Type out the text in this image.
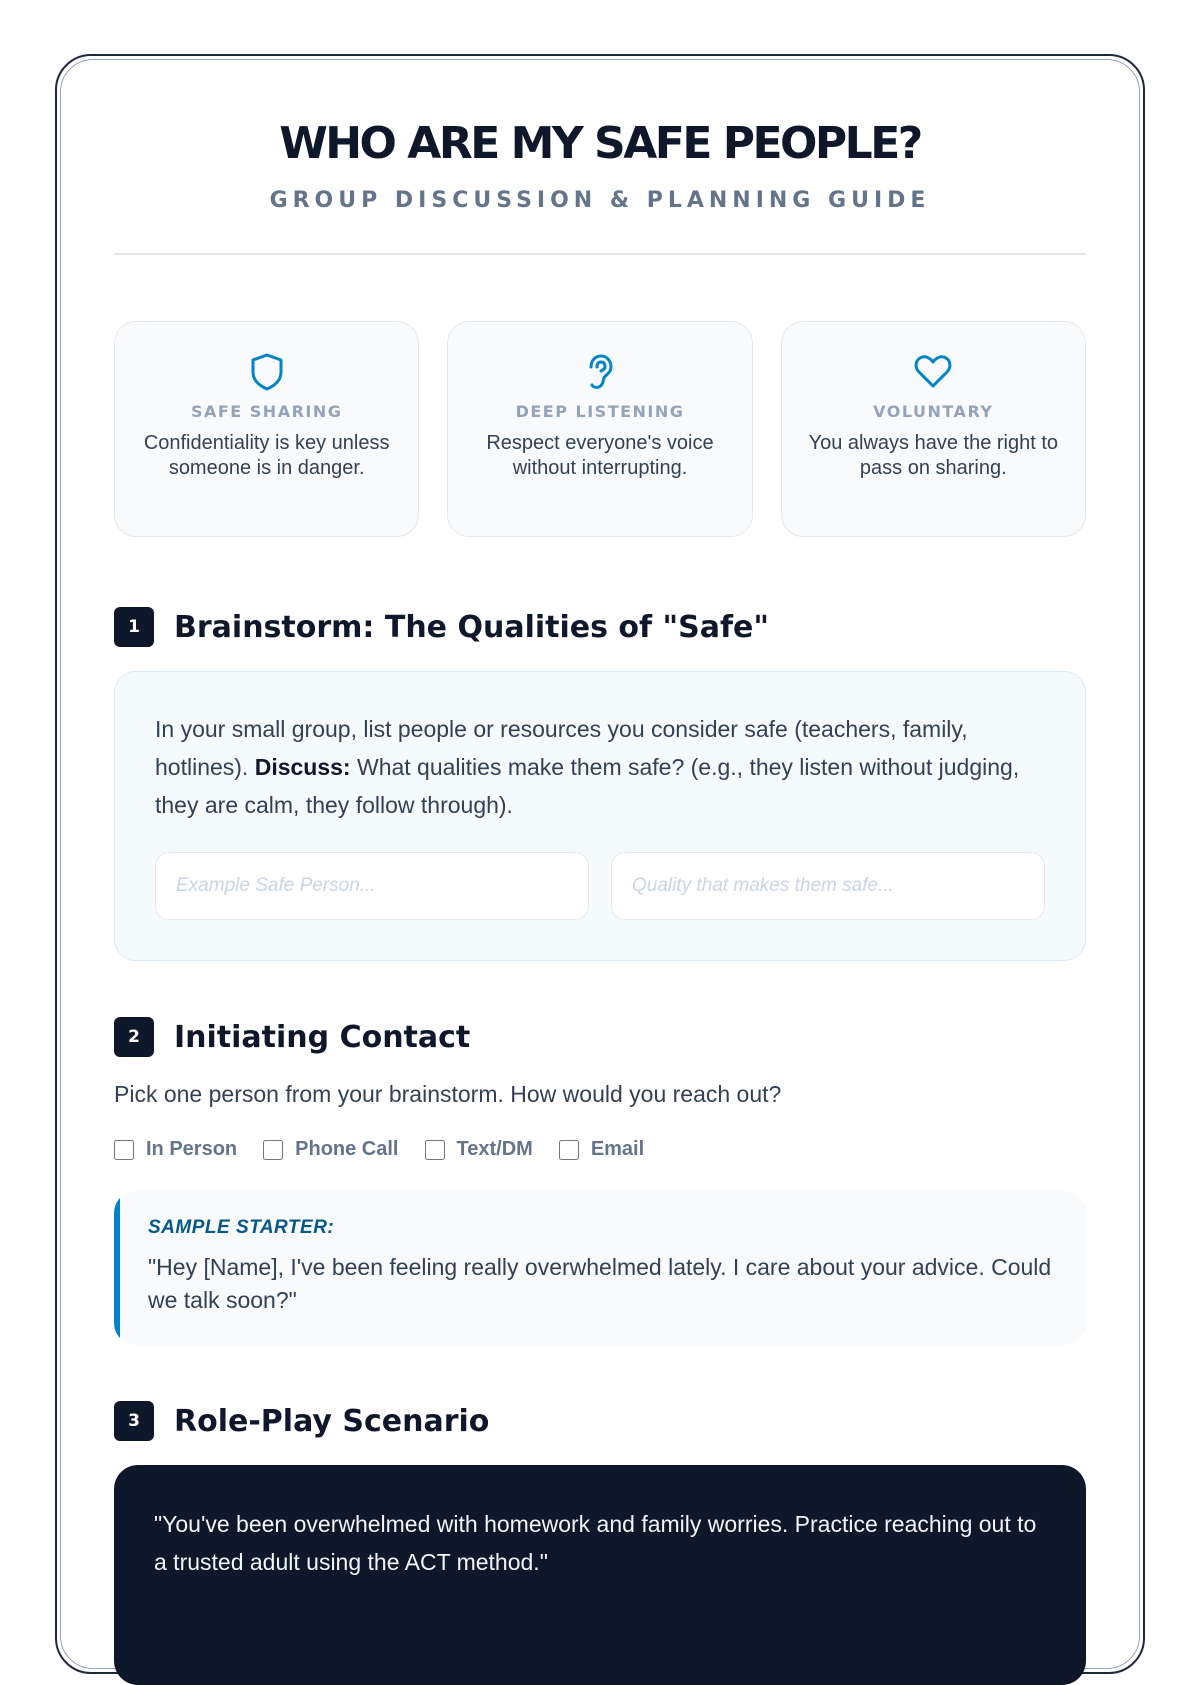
WHO ARE MY SAFE PEOPLE?
GROUP DISCUSSION & PLANNING GUIDE
SAFE SHARING
Confidentiality is key unless someone is in danger.
DEEP LISTENING
Respect everyone's voice without interrupting.
VOLUNTARY
You always have the right to pass on sharing.
1	Brainstorm: The Qualities of "Safe"

In your small group, list people or resources you consider safe (teachers, family, hotlines). Discuss: What qualities make them safe? (e.g., they listen without judging, they are calm, they follow through).

Example Safe Person...
Quality that makes them safe...
2	Initiating Contact
Pick one person from your brainstorm. How would you reach out?
In Person	Phone Call	Text/DM	Email
SAMPLE STARTER:
"Hey [Name], I've been feeling really overwhelmed lately. I care about your advice. Could we talk soon?"
3	Role-Play Scenario

"You've been overwhelmed with homework and family worries. Practice reaching out to a trusted adult using the ACT method."
